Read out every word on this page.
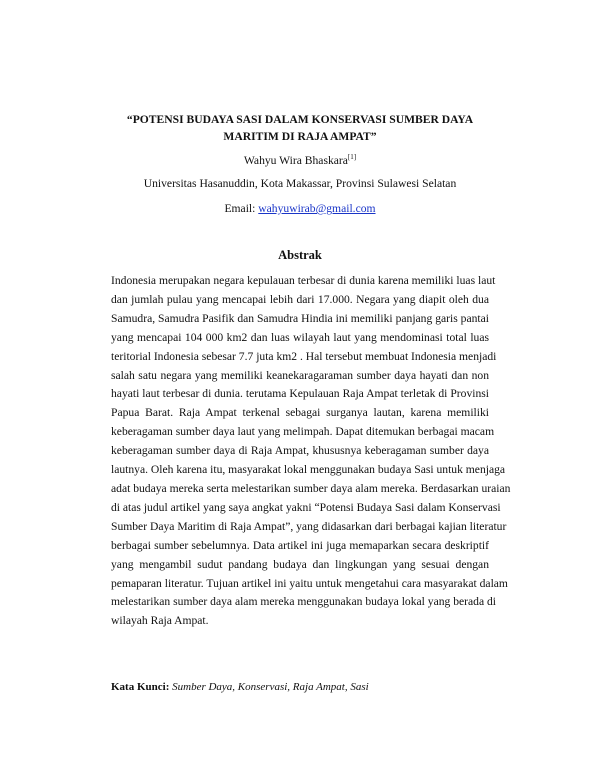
“POTENSI BUDAYA SASI DALAM KONSERVASI SUMBER DAYA
MARITIM DI RAJA AMPAT”
Wahyu Wira Bhaskara[1]
Universitas Hasanuddin, Kota Makassar, Provinsi Sulawesi Selatan
Email: wahyuwirab@gmail.com
Abstrak
Indonesia merupakan negara kepulauan terbesar di dunia karena memiliki luas laut
dan jumlah pulau yang mencapai lebih dari 17.000. Negara yang diapit oleh dua
Samudra, Samudra Pasifik dan Samudra Hindia ini memiliki panjang garis pantai
yang mencapai 104 000 km2 dan luas wilayah laut yang mendominasi total luas
teritorial Indonesia sebesar 7.7 juta km2 . Hal tersebut membuat Indonesia menjadi
salah satu negara yang memiliki keanekaragaraman sumber daya hayati dan non
hayati laut terbesar di dunia. terutama Kepulauan Raja Ampat terletak di Provinsi
Papua Barat. Raja Ampat terkenal sebagai surganya lautan, karena memiliki
keberagaman sumber daya laut yang melimpah. Dapat ditemukan berbagai macam
keberagaman sumber daya di Raja Ampat, khususnya keberagaman sumber daya
lautnya. Oleh karena itu, masyarakat lokal menggunakan budaya Sasi untuk menjaga
adat budaya mereka serta melestarikan sumber daya alam mereka. Berdasarkan uraian
di atas judul artikel yang saya angkat yakni “Potensi Budaya Sasi dalam Konservasi
Sumber Daya Maritim di Raja Ampat”, yang didasarkan dari berbagai kajian literatur
berbagai sumber sebelumnya. Data artikel ini juga memaparkan secara deskriptif
yang mengambil sudut pandang budaya dan lingkungan yang sesuai dengan
pemaparan literatur. Tujuan artikel ini yaitu untuk mengetahui cara masyarakat dalam
melestarikan sumber daya alam mereka menggunakan budaya lokal yang berada di
wilayah Raja Ampat.
Kata Kunci: Sumber Daya, Konservasi, Raja Ampat, Sasi
